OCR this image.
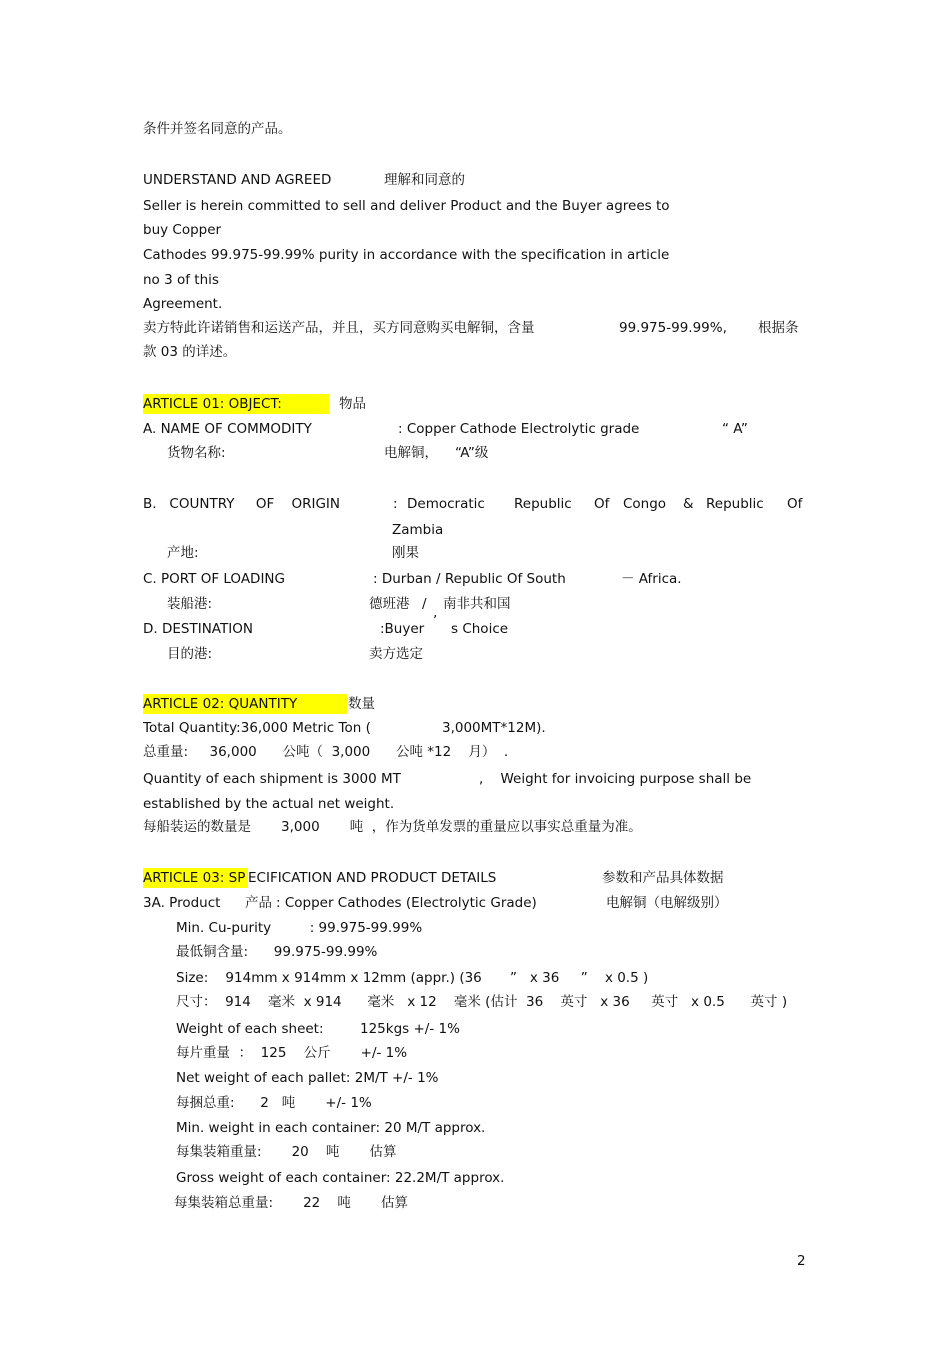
条件并签名同意的产品。
UNDERSTAND AND AGREED	理解和同意的
Seller is herein committed to sell and deliver Product and the Buyer agrees to
buy Copper
Cathodes 99.975-99.99% purity in accordance with the specification in article
no 3 of this
Agreement.
卖方特此许诺销售和运送产品，并且，买方同意购买电解铜，含量	99.975-99.99%, 根据条
款 03 的详述。
ARTICLE 01: OBJECT:	物品
A. NAME OF COMMODITY	: Copper Cathode Electrolytic grade	“ A”
货物名称:	电解铜， “A”级
B.   COUNTRY     OF    ORIGIN	: Democratic Republic Of Congo & Republic Of
Zambia
产地:	刚果
C. PORT OF LOADING	: Durban / Republic Of South	－ Africa.
装船港:	德班港 / 南非共和国
D. DESTINATION	:Buyer ’ s Choice
目的港:	卖方选定
ARTICLE 02: QUANTITY	数量
Total Quantity:36,000 Metric Ton (	3,000MT*12M).
总重量:     36,000      公吨（  3,000      公吨 *12    月）  .
Quantity of each shipment is 3000 MT	,    Weight for invoicing purpose shall be
established by the actual net weight.
每船装运的数量是       3,000       吨  ，作为货单发票的重量应以事实总重量为准。
ARTICLE 03: SP ECIFICATION AND PRODUCT DETAILS	参数和产品具体数据
3A. Product 产品 : Copper Cathodes (Electrolytic Grade)	电解铜（电解级别）
Min. Cu-purity         : 99.975-99.99%
最低铜含量:      99.975-99.99%
Size:    914mm x 914mm x 12mm (appr.) (36 ”   x 36     ”    x 0.5 )
尺寸：  914    毫米  x 914      毫米   x 12    毫米 (估计  36    英寸   x 36     英寸   x 0.5      英寸 )
Weight of each sheet:	125kgs +/- 1%
每片重量  ：  125    公斤       +/- 1%
Net weight of each pallet: 2M/T +/- 1%
每捆总重:      2   吨       +/- 1%
Min. weight in each container: 20 M/T approx.
每集装箱重量:       20    吨       估算
Gross weight of each container: 22.2M/T approx.
每集装箱总重量:       22    吨       估算
2
